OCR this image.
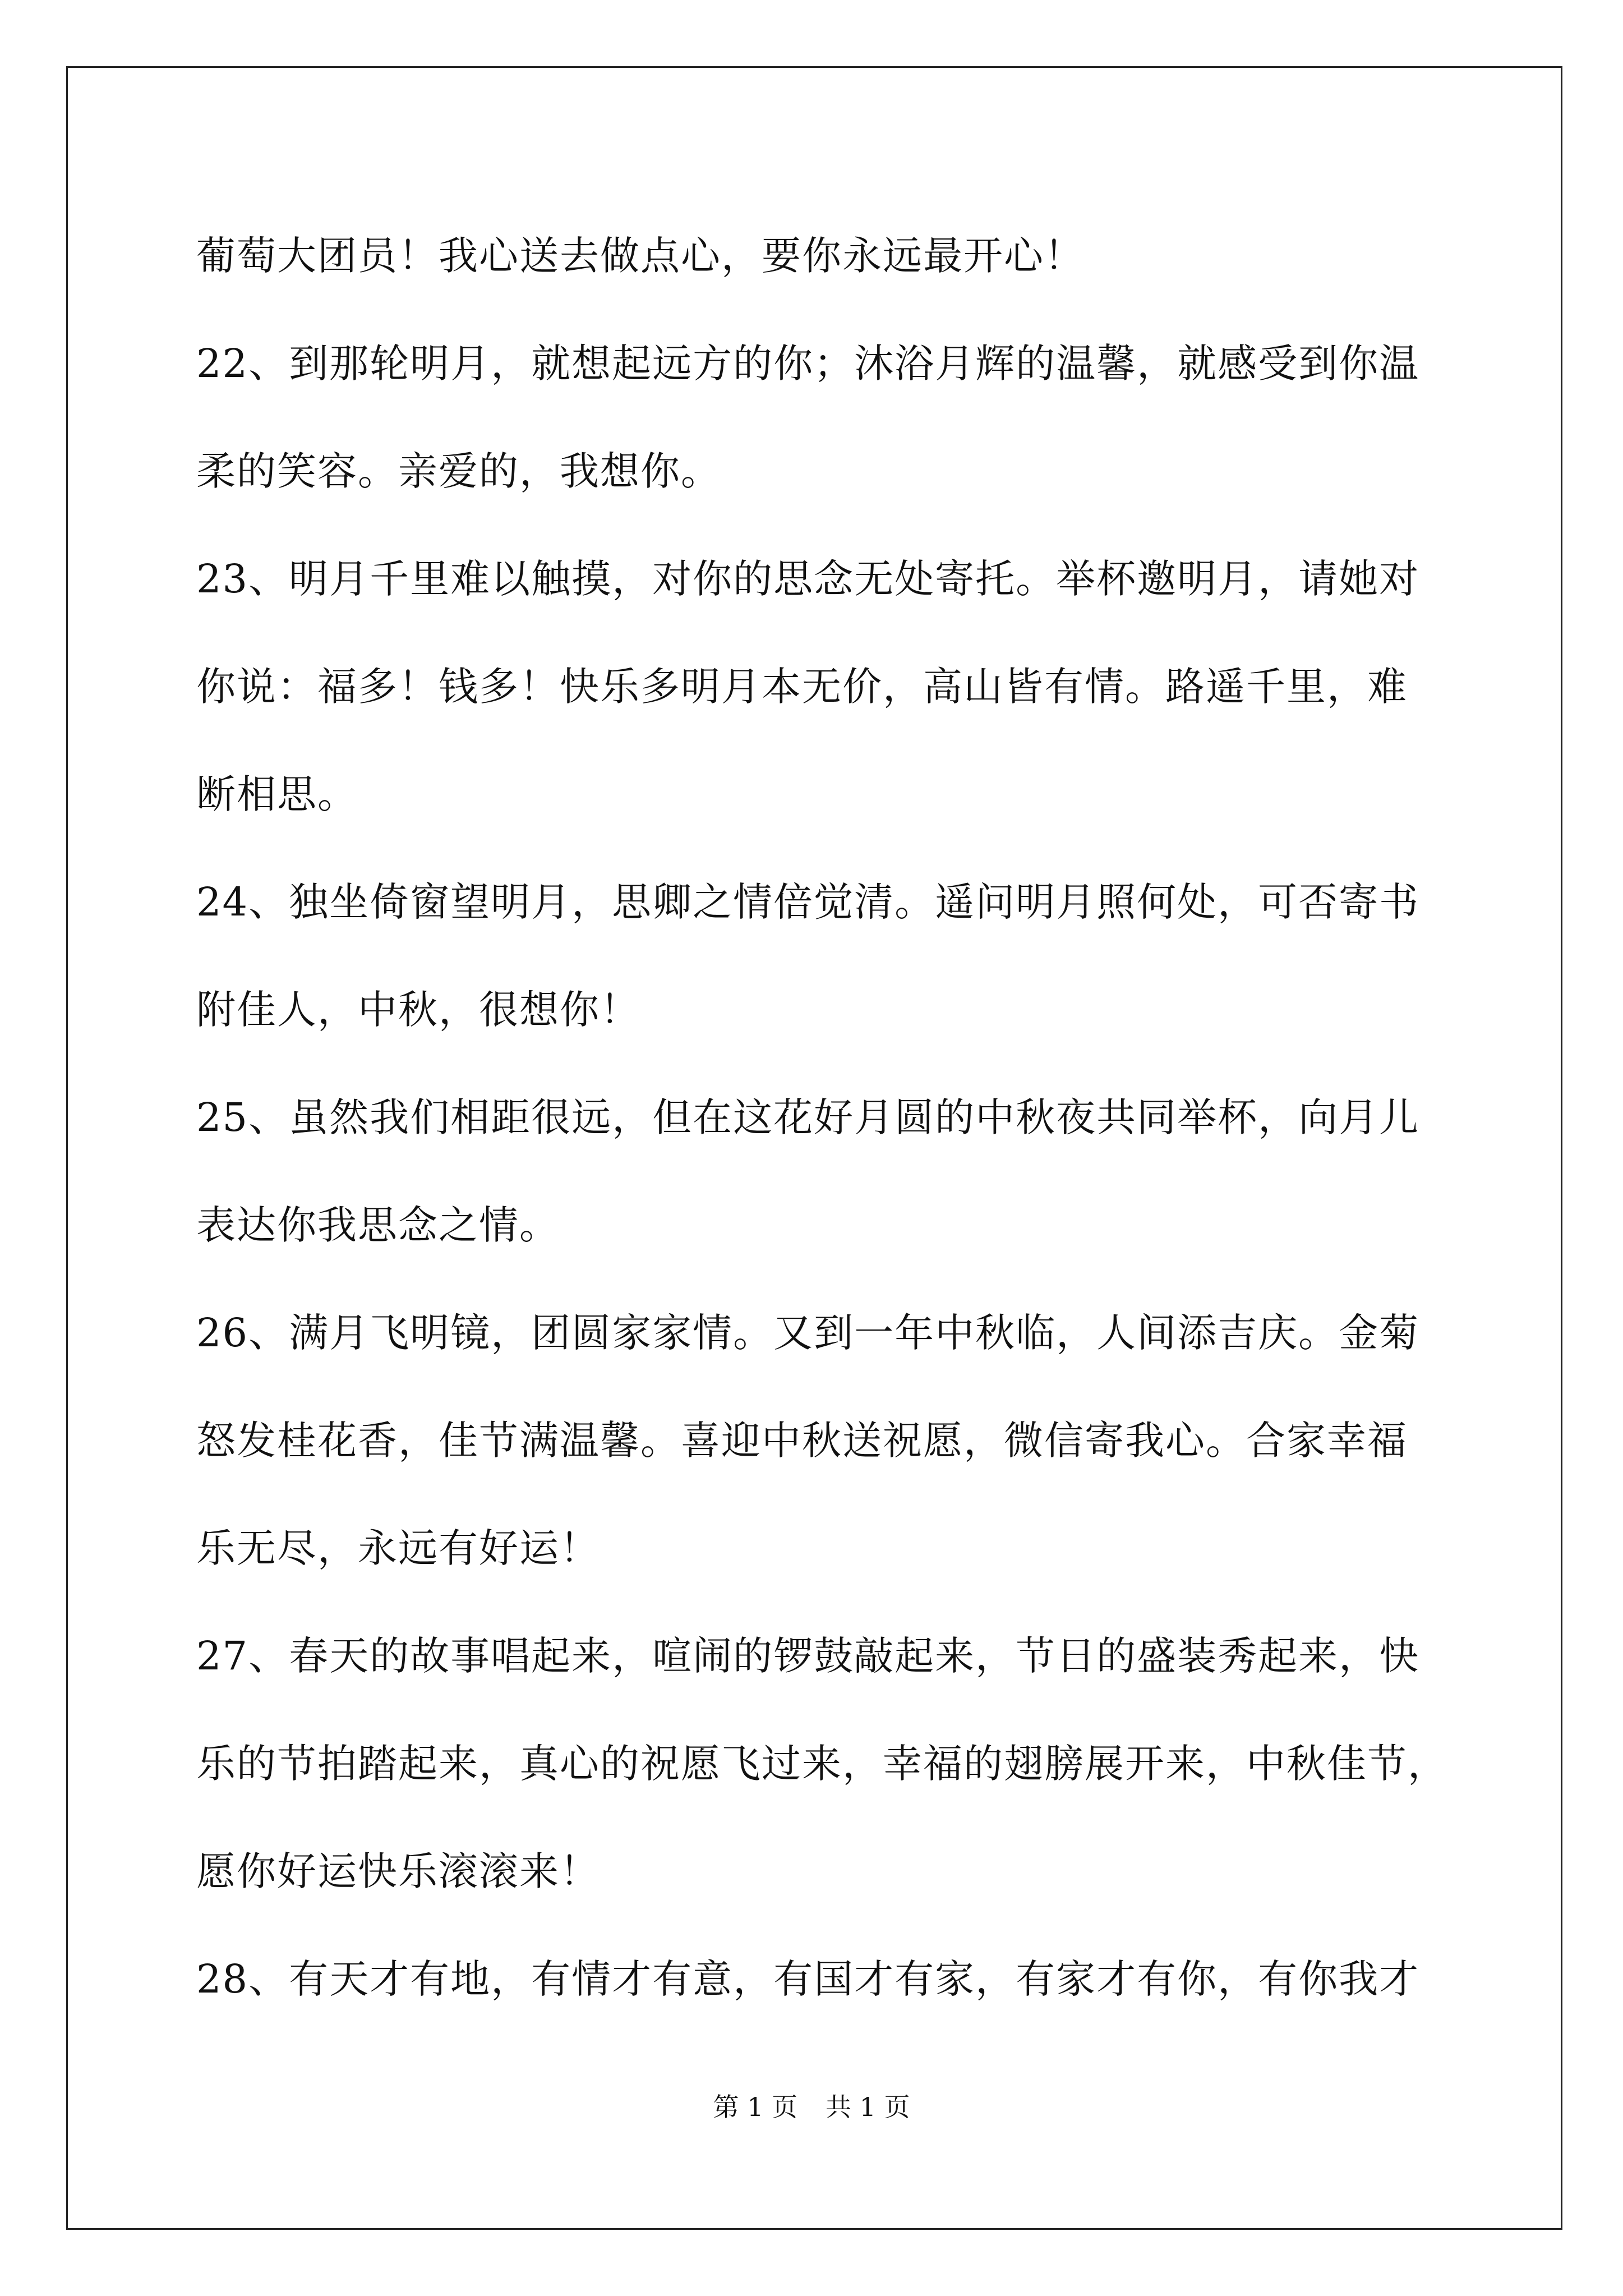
葡萄大团员！我心送去做点心，要你永远最开心！
22、到那轮明月，就想起远方的你；沐浴月辉的温馨，就感受到你温
柔的笑容。亲爱的，我想你。
23、明月千里难以触摸，对你的思念无处寄托。举杯邀明月，请她对
你说：福多！钱多！快乐多明月本无价，高山皆有情。路遥千里，难
断相思。
24、独坐倚窗望明月，思卿之情倍觉清。遥问明月照何处，可否寄书
附佳人，中秋，很想你！
25、虽然我们相距很远，但在这花好月圆的中秋夜共同举杯，向月儿
表达你我思念之情。
26、满月飞明镜，团圆家家情。又到一年中秋临，人间添吉庆。金菊
怒发桂花香，佳节满温馨。喜迎中秋送祝愿，微信寄我心。合家幸福
乐无尽，永远有好运！
27、春天的故事唱起来，喧闹的锣鼓敲起来，节日的盛装秀起来，快
乐的节拍踏起来，真心的祝愿飞过来，幸福的翅膀展开来，中秋佳节，
愿你好运快乐滚滚来！
28、有天才有地，有情才有意，有国才有家，有家才有你，有你我才
第 1 页 共 1 页
